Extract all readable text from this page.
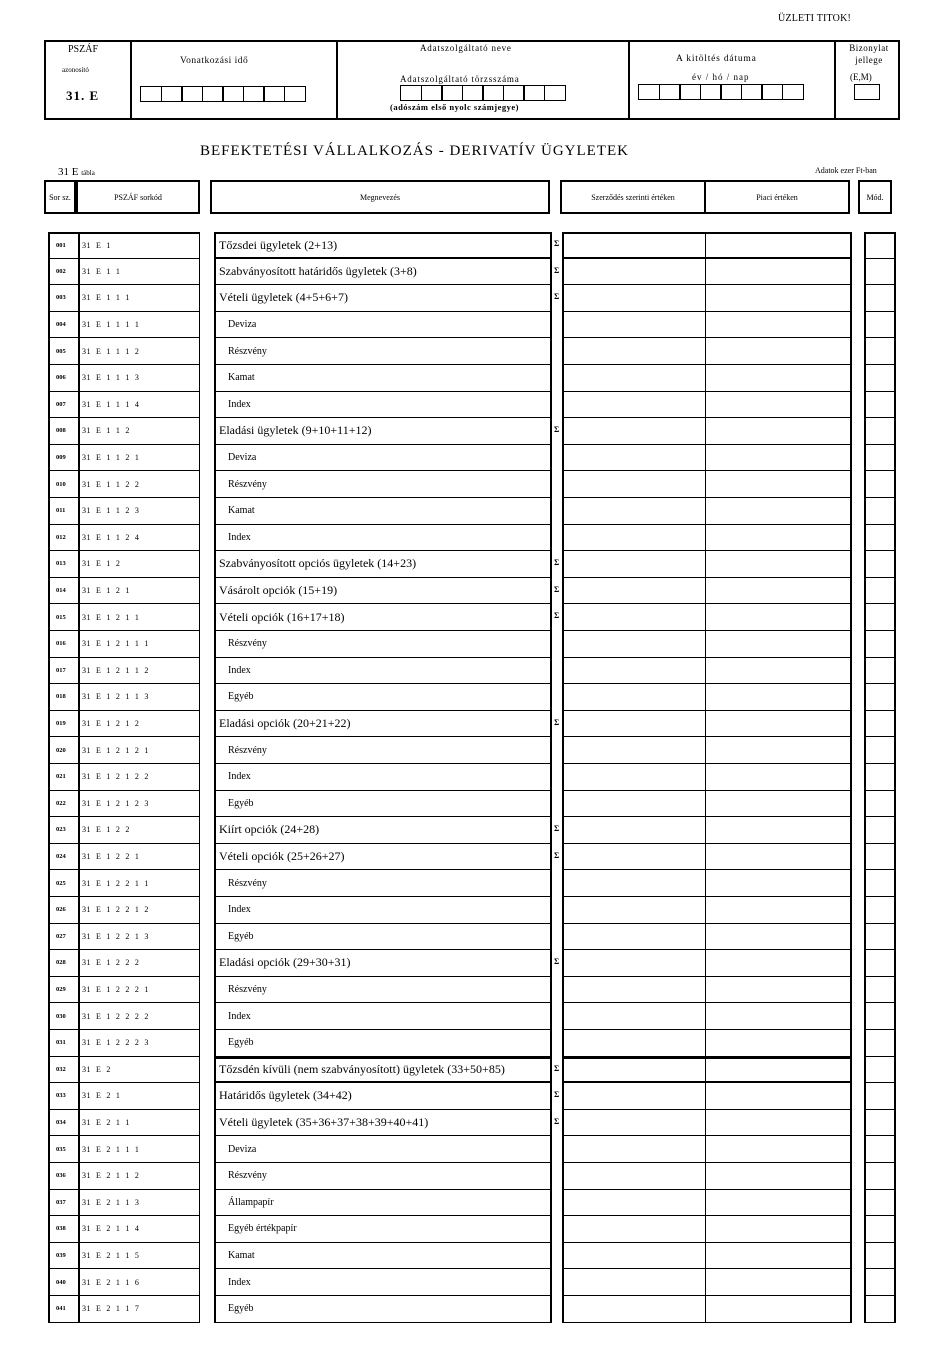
ÜZLETI TITOK!
PSZÁF
azonosító
31. E
Vonatkozási idő
Adatszolgáltató neve
Adatszolgáltató törzsszáma
(adószám első nyolc számjegye)
A kitöltés dátuma
év / hó / nap
Bizonylat jellege
(E,M)
BEFEKTETÉSI VÁLLALKOZÁS - DERIVATÍV ÜGYLETEK
31 E tábla	Adatok ezer Ft-ban
Sor sz.	PSZÁF sorkód	Megnevezés	Szerződés szerinti értéken	Piaci értéken	Mód.
001	31  E  1	Tőzsdei ügyletek (2+13)	Σ
002	31  E  1  1	Szabványosított határidős ügyletek (3+8)	Σ
003	31  E  1  1  1	Vételi ügyletek (4+5+6+7)	Σ
004	31  E  1  1  1  1	Deviza
005	31  E  1  1  1  2	Részvény
006	31  E  1  1  1  3	Kamat
007	31  E  1  1  1  4	Index
008	31  E  1  1  2	Eladási ügyletek (9+10+11+12)	Σ
009	31  E  1  1  2  1	Deviza
010	31  E  1  1  2  2	Részvény
011	31  E  1  1  2  3	Kamat
012	31  E  1  1  2  4	Index
013	31  E  1  2	Szabványosított opciós ügyletek (14+23)	Σ
014	31  E  1  2  1	Vásárolt opciók (15+19)	Σ
015	31  E  1  2  1  1	Vételi opciók (16+17+18)	Σ
016	31  E  1  2  1  1  1	Részvény
017	31  E  1  2  1  1  2	Index
018	31  E  1  2  1  1  3	Egyéb
019	31  E  1  2  1  2	Eladási opciók (20+21+22)	Σ
020	31  E  1  2  1  2  1	Részvény
021	31  E  1  2  1  2  2	Index
022	31  E  1  2  1  2  3	Egyéb
023	31  E  1  2  2	Kiírt opciók (24+28)	Σ
024	31  E  1  2  2  1	Vételi opciók (25+26+27)	Σ
025	31  E  1  2  2  1  1	Részvény
026	31  E  1  2  2  1  2	Index
027	31  E  1  2  2  1  3	Egyéb
028	31  E  1  2  2  2	Eladási opciók (29+30+31)	Σ
029	31  E  1  2  2  2  1	Részvény
030	31  E  1  2  2  2  2	Index
031	31  E  1  2  2  2  3	Egyéb
032	31  E  2	Tőzsdén kívüli (nem szabványosított) ügyletek (33+50+85)	Σ
033	31  E  2  1	Határidős ügyletek (34+42)	Σ
034	31  E  2  1  1	Vételi ügyletek (35+36+37+38+39+40+41)	Σ
035	31  E  2  1  1  1	Deviza
036	31  E  2  1  1  2	Részvény
037	31  E  2  1  1  3	Állampapír
038	31  E  2  1  1  4	Egyéb értékpapír
039	31  E  2  1  1  5	Kamat
040	31  E  2  1  1  6	Index
041	31  E  2  1  1  7	Egyéb
